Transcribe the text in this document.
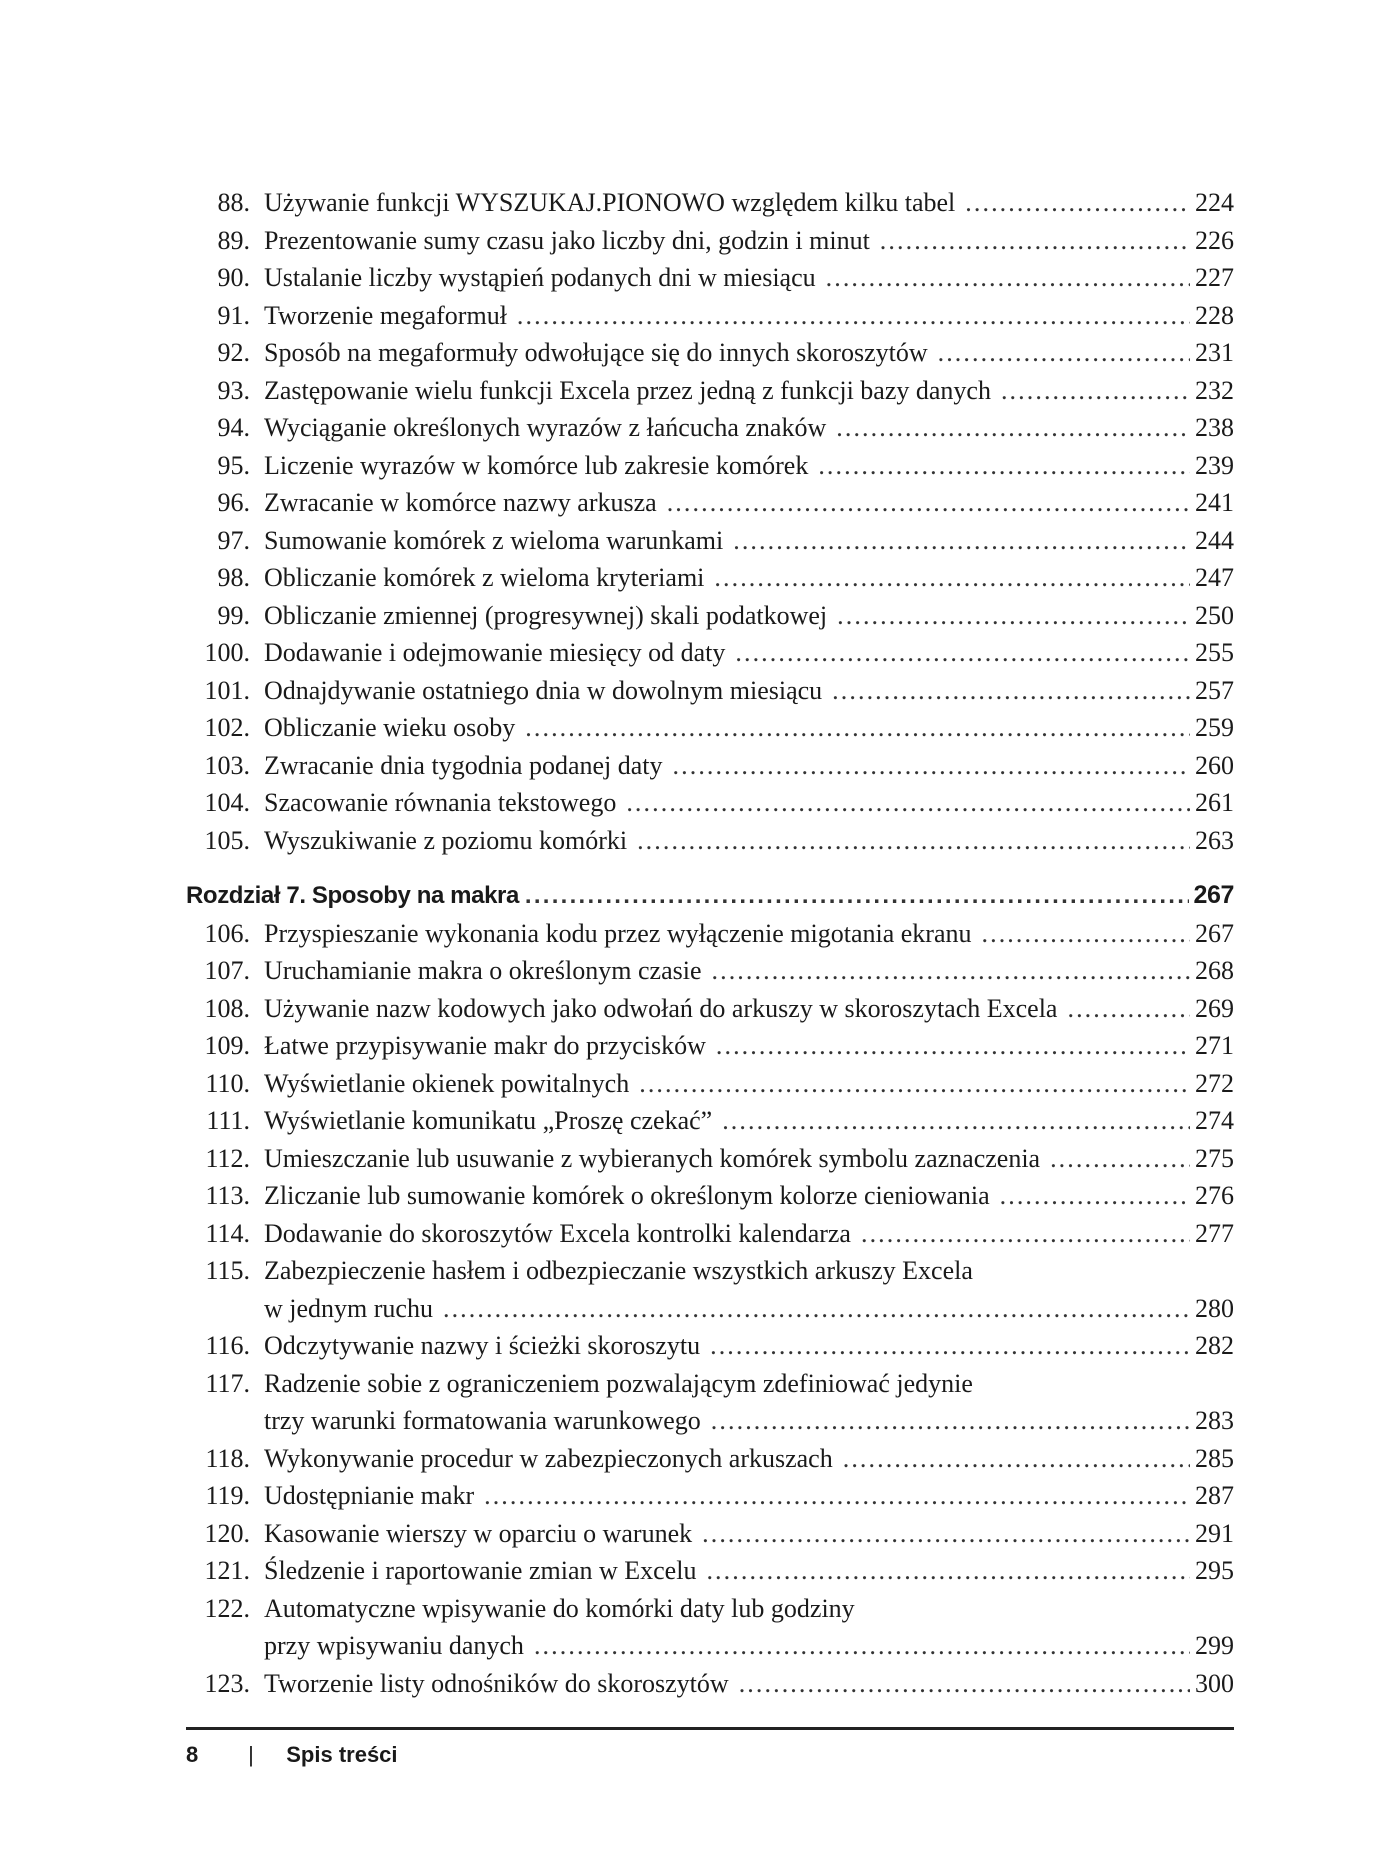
88. Używanie funkcji WYSZUKAJ.PIONOWO względem kilku tabel . . .	224
89. Prezentowanie sumy czasu jako liczby dni, godzin i minut . . .	226
90. Ustalanie liczby wystąpień podanych dni w miesiącu . . .	227
91. Tworzenie megaformuł . . .	228
92. Sposób na megaformuły odwołujące się do innych skoroszytów . . .	231
93. Zastępowanie wielu funkcji Excela przez jedną z funkcji bazy danych . . .	232
94. Wyciąganie określonych wyrazów z łańcucha znaków . . .	238
95. Liczenie wyrazów w komórce lub zakresie komórek . . .	239
96. Zwracanie w komórce nazwy arkusza . . .	241
97. Sumowanie komórek z wieloma warunkami . . .	244
98. Obliczanie komórek z wieloma kryteriami . . .	247
99. Obliczanie zmiennej (progresywnej) skali podatkowej . . .	250
100. Dodawanie i odejmowanie miesięcy od daty . . .	255
101. Odnajdywanie ostatniego dnia w dowolnym miesiącu . . .	257
102. Obliczanie wieku osoby . . .	259
103. Zwracanie dnia tygodnia podanej daty . . .	260
104. Szacowanie równania tekstowego . . .	261
105. Wyszukiwanie z poziomu komórki . . .	263
Rozdział 7. Sposoby na makra . . .	267
106. Przyspieszanie wykonania kodu przez wyłączenie migotania ekranu . . .	267
107. Uruchamianie makra o określonym czasie . . .	268
108. Używanie nazw kodowych jako odwołań do arkuszy w skoroszytach Excela . . .	269
109. Łatwe przypisywanie makr do przycisków . . .	271
110. Wyświetlanie okienek powitalnych . . .	272
111. Wyświetlanie komunikatu „Proszę czekać” . . .	274
112. Umieszczanie lub usuwanie z wybieranych komórek symbolu zaznaczenia . . .	275
113. Zliczanie lub sumowanie komórek o określonym kolorze cieniowania . . .	276
114. Dodawanie do skoroszytów Excela kontrolki kalendarza . . .	277
115. Zabezpieczenie hasłem i odbezpieczanie wszystkich arkuszy Excela
w jednym ruchu . . .	280
116. Odczytywanie nazwy i ścieżki skoroszytu . . .	282
117. Radzenie sobie z ograniczeniem pozwalającym zdefiniować jedynie
trzy warunki formatowania warunkowego . . .	283
118. Wykonywanie procedur w zabezpieczonych arkuszach . . .	285
119. Udostępnianie makr . . .	287
120. Kasowanie wierszy w oparciu o warunek . . .	291
121. Śledzenie i raportowanie zmian w Excelu . . .	295
122. Automatyczne wpisywanie do komórki daty lub godziny
przy wpisywaniu danych . . .	299
123. Tworzenie listy odnośników do skoroszytów . . .	300
8 | Spis treści
